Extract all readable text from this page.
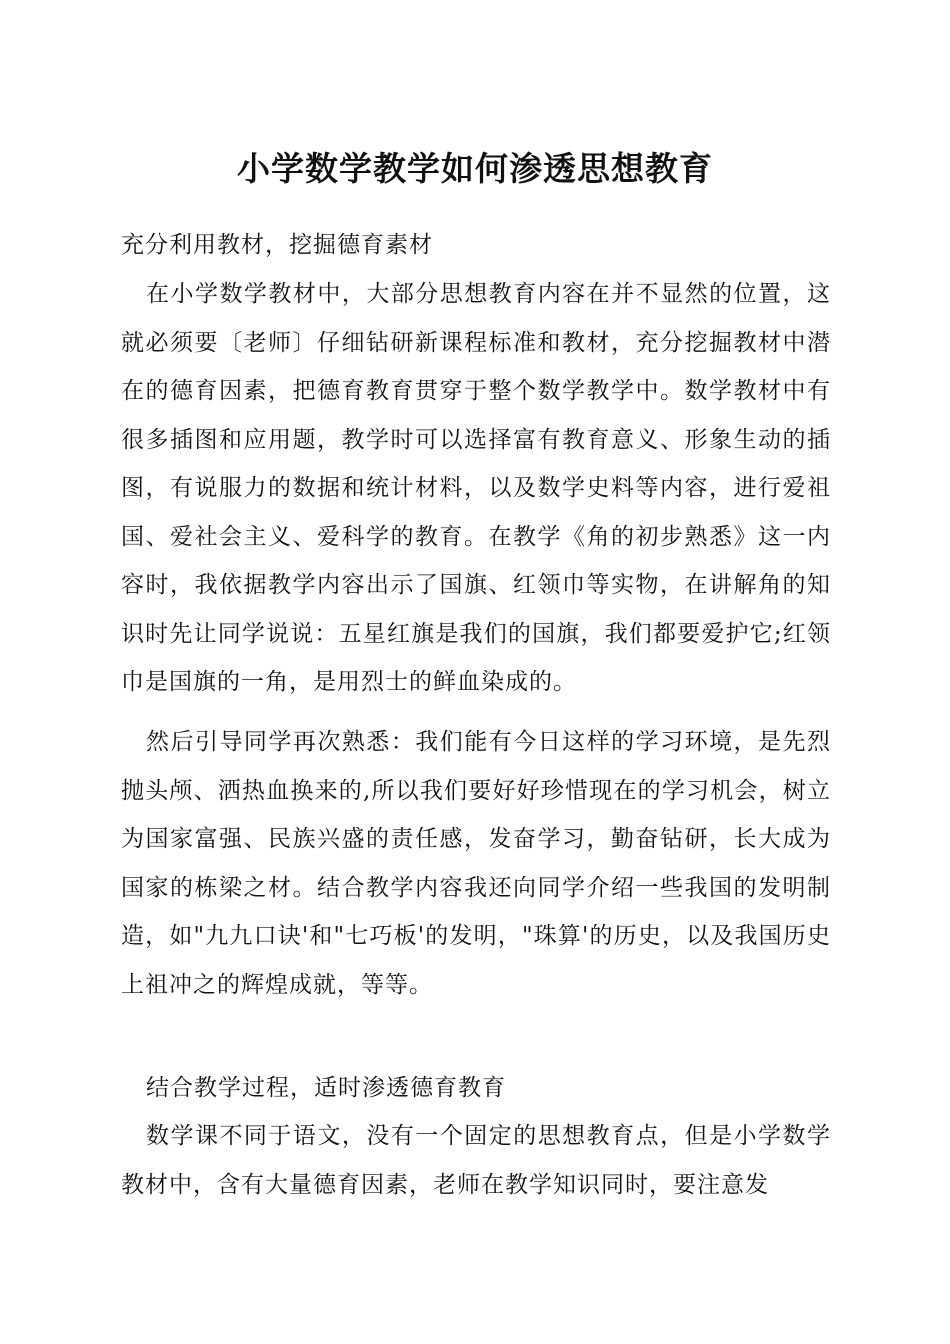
小学数学教学如何渗透思想教育

充分利用教材，挖掘德育素材

在小学数学教材中，大部分思想教育内容在并不显然的位置，这就必须要〔老师〕仔细钻研新课程标准和教材，充分挖掘教材中潜在的德育因素，把德育教育贯穿于整个数学教学中。数学教材中有很多插图和应用题，教学时可以选择富有教育意义、形象生动的插图，有说服力的数据和统计材料，以及数学史料等内容，进行爱祖国、爱社会主义、爱科学的教育。在教学《角的初步熟悉》这一内容时，我依据教学内容出示了国旗、红领巾等实物，在讲解角的知识时先让同学说说：五星红旗是我们的国旗，我们都要爱护它;红领巾是国旗的一角，是用烈士的鲜血染成的。

然后引导同学再次熟悉：我们能有今日这样的学习环境，是先烈抛头颅、洒热血换来的,所以我们要好好珍惜现在的学习机会，树立为国家富强、民族兴盛的责任感，发奋学习，勤奋钻研，长大成为国家的栋梁之材。结合教学内容我还向同学介绍一些我国的发明制造，如"九九口诀'和"七巧板'的发明，"珠算'的历史，以及我国历史上祖冲之的辉煌成就，等等。

结合教学过程，适时渗透德育教育

数学课不同于语文，没有一个固定的思想教育点，但是小学数学教材中，含有大量德育因素，老师在教学知识同时，要注意发
